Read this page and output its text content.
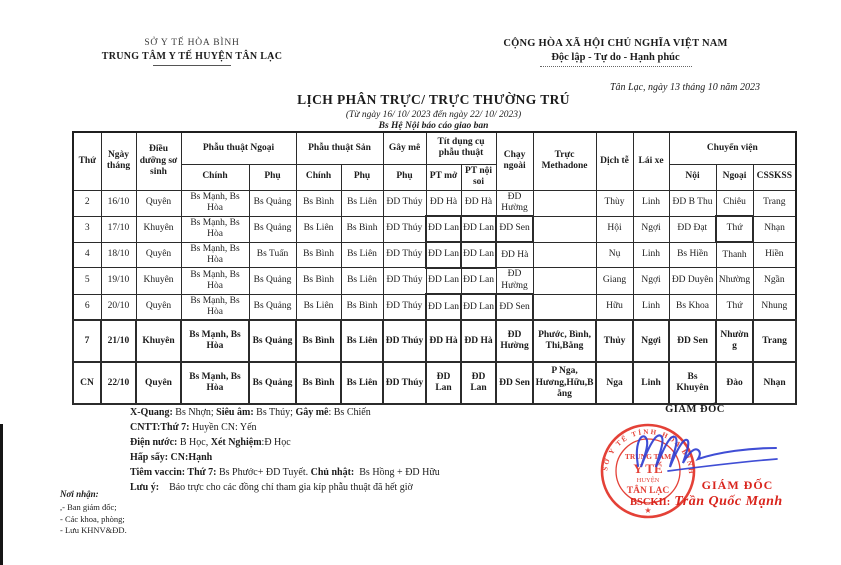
SỞ Y TẾ HÒA BÌNH
TRUNG TÂM Y TẾ HUYỆN TÂN LẠC
CỘNG HÒA XÃ HỘI CHỦ NGHĨA VIỆT NAM
Độc lập - Tự do - Hạnh phúc
Tân Lạc, ngày 13 tháng 10 năm 2023
LỊCH PHÂN TRỰC/ TRỰC THƯỜNG TRÚ
(Từ ngày 16/ 10/ 2023 đến ngày 22/ 10/ 2023)
Bs Hệ Nội báo cáo giao ban
Thứ	Ngày tháng	Điều dưỡng sơ sinh	Phẫu thuật Ngoại		Phẫu thuật Sản		Gây mê	Tít dụng cụ phẫu thuật		Chạy ngoài	Trực Methadone	Dịch tễ	Lái xe	Chuyển viện		
			Chính	Phụ	Chính	Phụ	Phụ	PT mở	PT nội soi					Nội	Ngoại	CSSKSS
2	16/10	Quyên	Bs Mạnh, Bs Hòa	Bs Quảng	Bs Bình	Bs Liên	ĐD Thúy	ĐD Hà	ĐD Hà	ĐD Hường		Thùy	Linh	ĐD B Thu	Chiêu	Trang
3	17/10	Khuyên	Bs Mạnh, Bs Hòa	Bs Quảng	Bs Liên	Bs Bình	ĐD Thúy	ĐD Lan	ĐD Lan	ĐD Sen		Hội	Ngợi	ĐD Đạt	Thứ	Nhạn
4	18/10	Quyên	Bs Mạnh, Bs Hòa	Bs Tuấn	Bs Bình	Bs Liên	ĐD Thúy	ĐD Lan	ĐD Lan	ĐD Hà		Nụ	Linh	Bs Hiền	Thanh	Hiền
5	19/10	Khuyên	Bs Mạnh, Bs Hòa	Bs Quảng	Bs Bình	Bs Liên	ĐD Thúy	ĐD Lan	ĐD Lan	ĐD Hường		Giang	Ngợi	ĐD Duyên	Nhường	Ngần
6	20/10	Quyên	Bs Mạnh, Bs Hòa	Bs Quảng	Bs Liên	Bs Bình	ĐD Thúy	ĐD Lan	ĐD Lan	ĐD Sen		Hữu	Linh	Bs Khoa	Thứ	Nhung
7	21/10	Khuyên	Bs Mạnh, Bs Hòa	Bs Quảng	Bs Bình	Bs Liên	ĐD Thúy	ĐD Hà	ĐD Hà	ĐD Hường	Phước, Bình, Thi,Bằng	Thủy	Ngợi	ĐD Sen	Nhường	Trang
CN	22/10	Quyên	Bs Mạnh, Bs Hòa	Bs Quảng	Bs Bình	Bs Liên	ĐD Thúy	ĐD Lan	ĐD Lan	ĐD Sen	P Nga, Hương,Hữu,Bằng	Nga	Linh	Bs Khuyên	Đào	Nhạn
X-Quang: Bs Nhợn; Siêu âm: Bs Thúy; Gây mê: Bs Chiến
CNTT:Thứ 7: Huyền CN: Yến
Điện nước: B Học, Xét Nghiệm:Đ Học
Hấp sấy: CN:Hạnh
Tiêm vaccin: Thứ 7: Bs Phước+ ĐD Tuyết. Chủ nhật:  Bs Hồng + ĐD Hữu
Lưu ý:    Báo trực cho các đồng chí tham gia kíp phẫu thuật đã hết giờ
GIÁM ĐỐC
SỞ Y TẾ TỈNH HÒA BÌNH
TRUNG TÂM
Y TẾ
HUYỆN
TÂN LẠC
★
GIÁM ĐỐC
BSCKII: Trần Quốc Mạnh
Nơi nhận:
,- Ban giám đốc;
- Các khoa, phòng;
- Lưu KHNV&ĐD.
